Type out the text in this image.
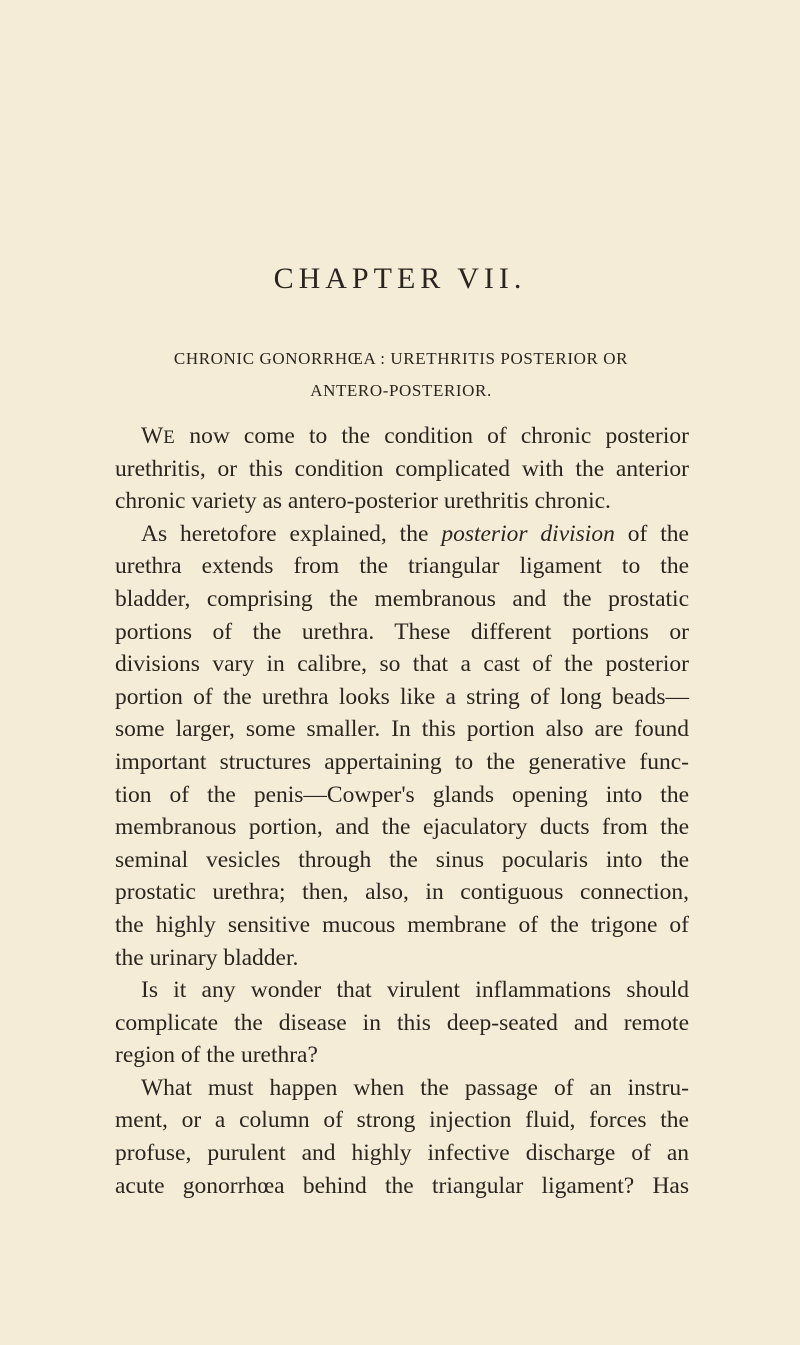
CHAPTER VII.
CHRONIC GONORRHŒA : URETHRITIS POSTERIOR OR
ANTERO-POSTERIOR.
WE now come to the condition of chronic posterior
urethritis, or this condition complicated with the anterior
chronic variety as antero-posterior urethritis chronic.
As heretofore explained, the posterior division of the
urethra extends from the triangular ligament to the
bladder, comprising the membranous and the prostatic
portions of the urethra. These different portions or
divisions vary in calibre, so that a cast of the posterior
portion of the urethra looks like a string of long beads—
some larger, some smaller. In this portion also are found
important structures appertaining to the generative func-
tion of the penis—Cowper's glands opening into the
membranous portion, and the ejaculatory ducts from the
seminal vesicles through the sinus pocularis into the
prostatic urethra; then, also, in contiguous connection,
the highly sensitive mucous membrane of the trigone of
the urinary bladder.
Is it any wonder that virulent inflammations should
complicate the disease in this deep-seated and remote
region of the urethra?
What must happen when the passage of an instru-
ment, or a column of strong injection fluid, forces the
profuse, purulent and highly infective discharge of an
acute gonorrhœa behind the triangular ligament? Has
